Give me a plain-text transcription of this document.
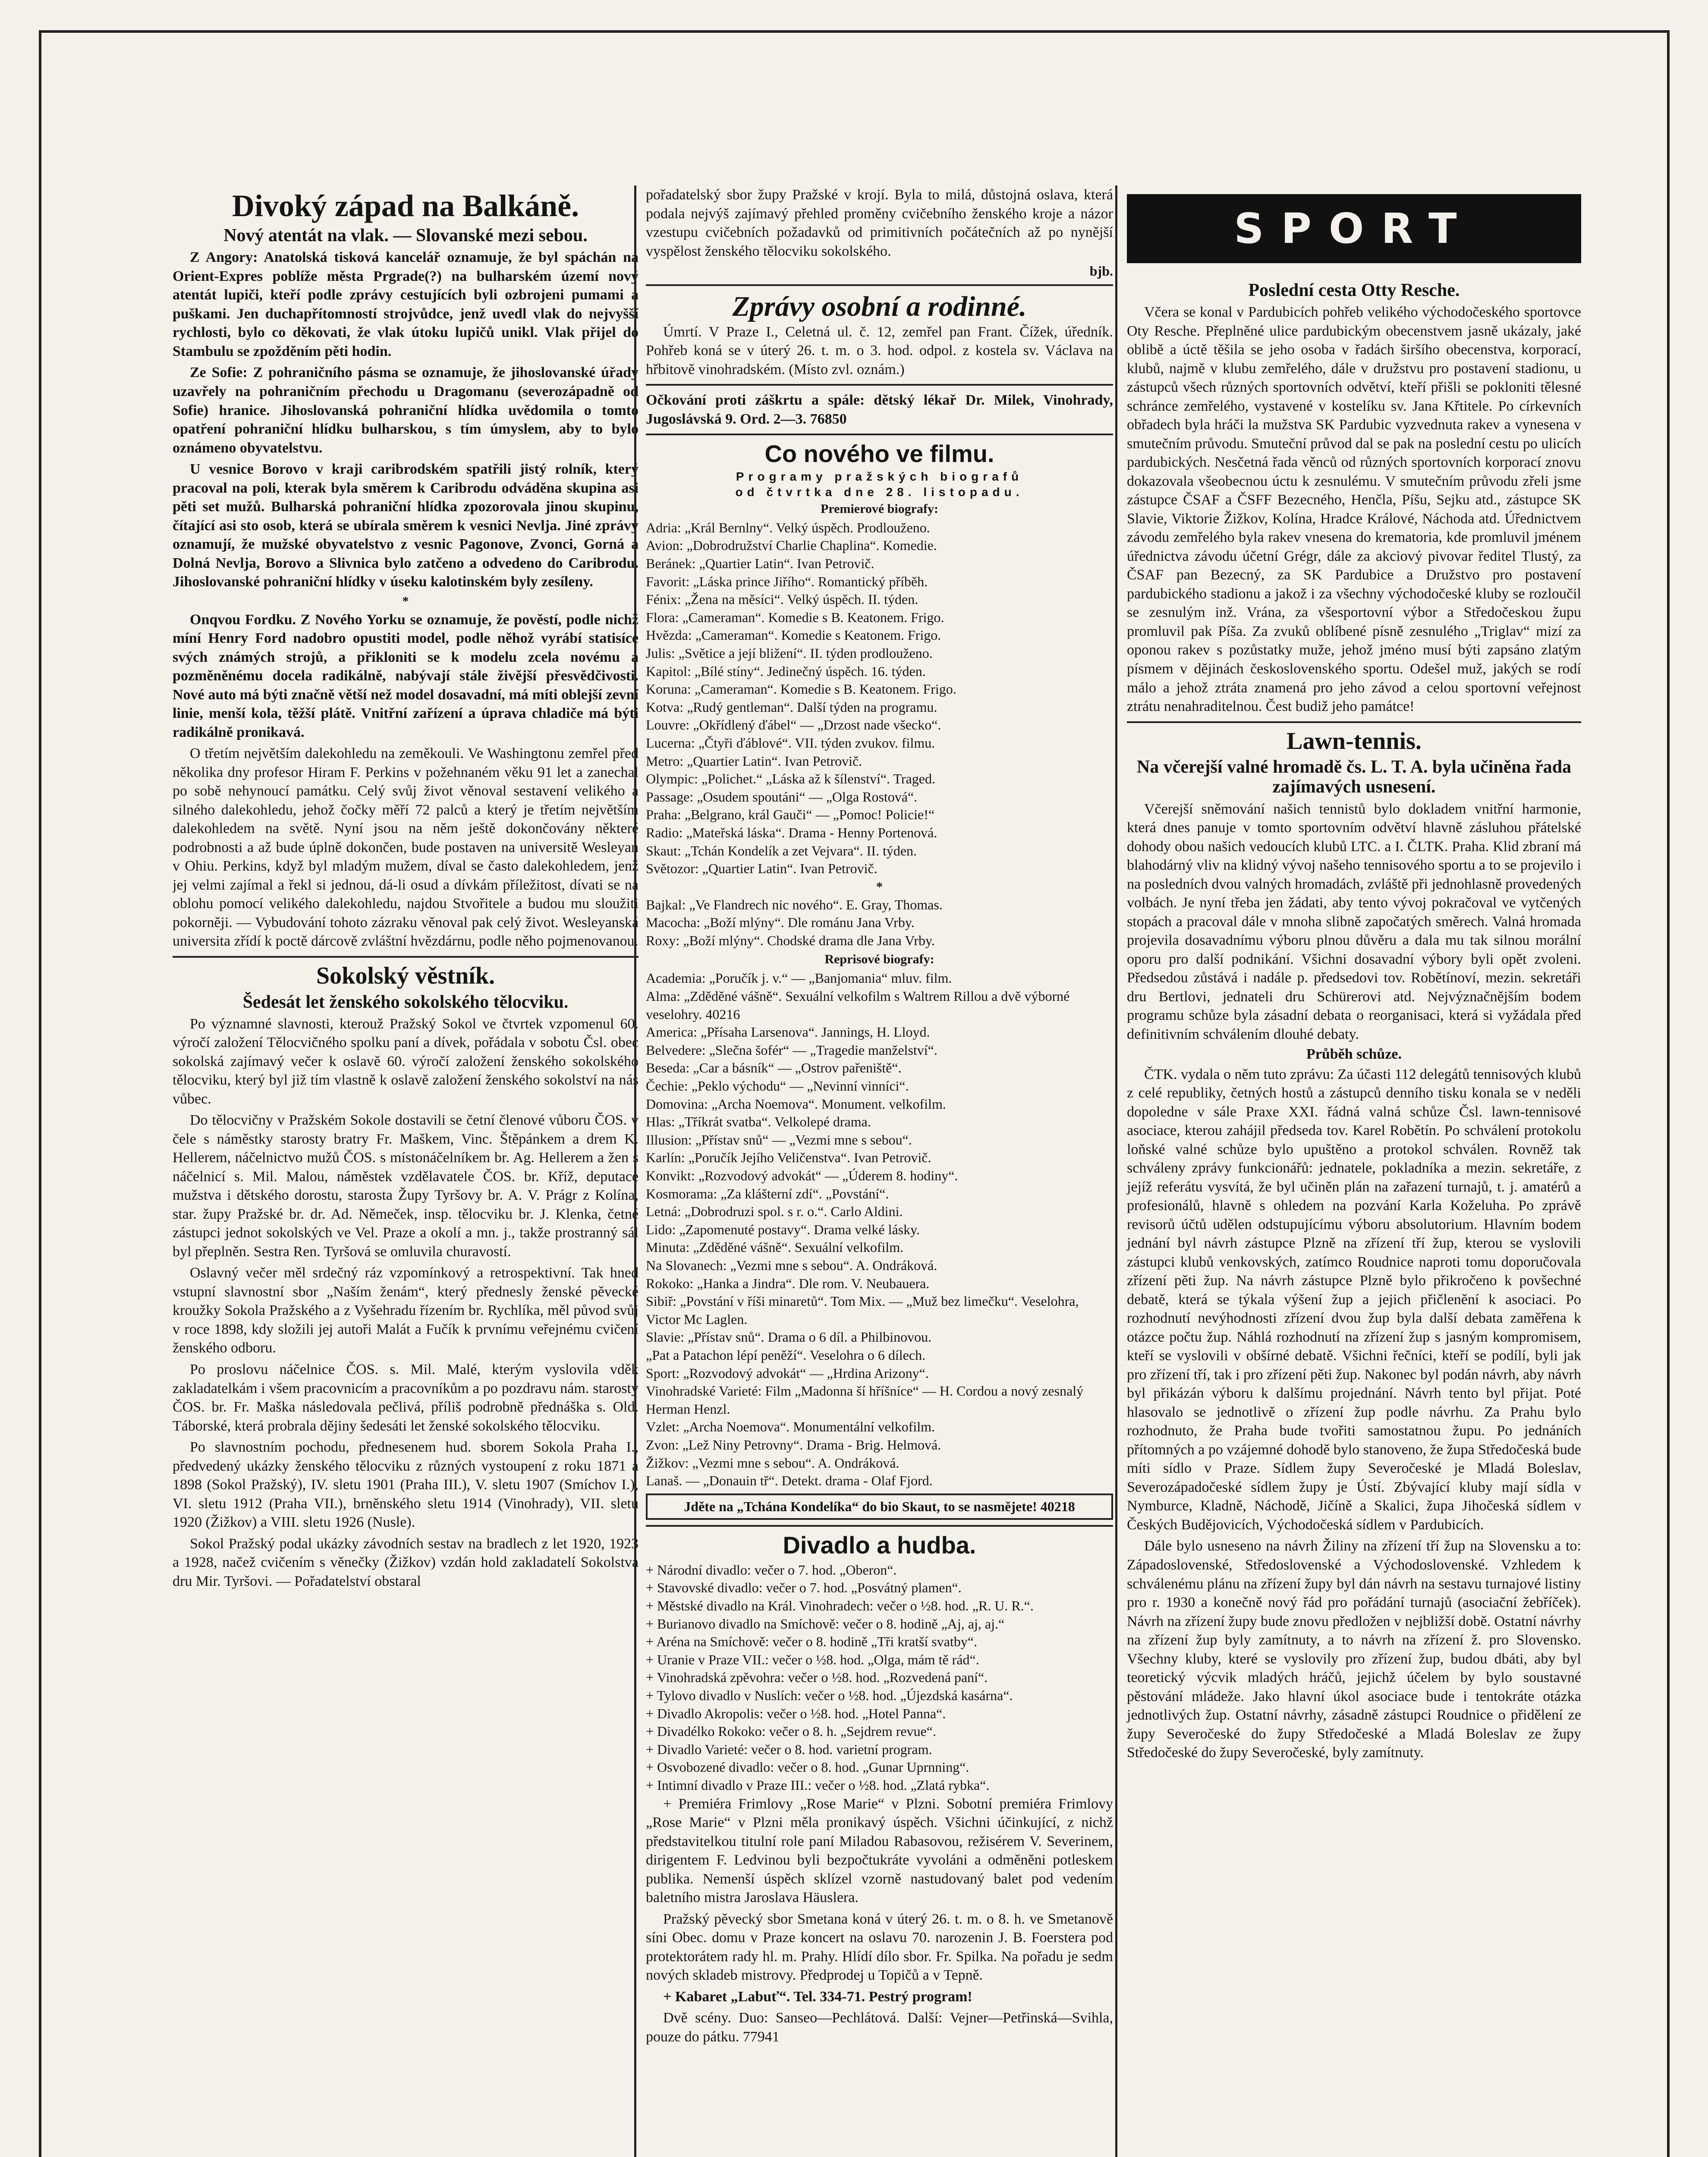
Divoký západ na Balkáně.
Nový atentát na vlak. — Slovanské mezi sebou.

Z Angory: Anatolská tisková kancelář oznamuje, že byl spáchán na Orient-Expres poblíže města Prgrade(?) na bulharském území nový atentát lupiči, kteří podle zprávy cestujících byli ozbrojeni pumami a puškami. Jen duchapřítomností strojvůdce, jenž uvedl vlak do nejvyšší rychlosti, bylo co děkovati, že vlak útoku lupičů unikl. Vlak přijel do Stambulu se zpožděním pěti hodin.

Ze Sofie: Z pohraničního pásma se oznamuje, že jihoslovanské úřady uzavřely na pohraničním přechodu u Dragomanu (severozápadně od Sofie) hranice. Jihoslovanská pohraniční hlídka uvědomila o tomto opatření pohraniční hlídku bulharskou, s tím úmyslem, aby to bylo oznámeno obyvatelstvu.

U vesnice Borovo v kraji caribrodském spatřili jistý rolník, který pracoval na poli, kterak byla směrem k Caribrodu odváděna skupina asi pěti set mužů. Bulharská pohraniční hlídka zpozorovala jinou skupinu, čítající asi sto osob, která se ubírala směrem k vesnici Nevlja. Jiné zprávy oznamují, že mužské obyvatelstvo z vesnic Pagonove, Zvonci, Gorná a Dolná Nevlja, Borovo a Slivnica bylo zatčeno a odvedeno do Caribrodu. Jihoslovanské pohraniční hlídky v úseku kalotinském byly zesíleny.

*

Onqvou Fordku. Z Nového Yorku se oznamuje, že pověstí, podle nichž míní Henry Ford nadobro opustiti model, podle něhož vyrábí statisíce svých známých strojů, a přikloniti se k modelu zcela novému a pozměněnému docela radikálně, nabývají stále živější přesvědčivosti. Nové auto má býti značně větší než model dosavadní, má míti oblejší zevní linie, menší kola, těžší plátě. Vnitřní zařízení a úprava chladiče má býti radikálně pronikavá.

O třetím největším dalekohledu na zeměkouli. Ve Washingtonu zemřel před několika dny profesor Hiram F. Perkins v požehnaném věku 91 let a zanechal po sobě nehynoucí památku. Celý svůj život věnoval sestavení velikého a silného dalekohledu, jehož čočky měří 72 palců a který je třetím největším dalekohledem na světě. Nyní jsou na něm ještě dokončovány některé podrobnosti a až bude úplně dokončen, bude postaven na universitě Wesleyan v Ohiu. Perkins, když byl mladým mužem, díval se často dalekohledem, jenž jej velmi zajímal a řekl si jednou, dá-li osud a dívkám příležitost, dívati se na oblohu pomocí velikého dalekohledu, najdou Stvořitele a budou mu sloužiti pokorněji. — Vybudování tohoto zázraku věnoval pak celý život. Wesleyanská universita zřídí k poctě dárcově zvláštní hvězdárnu, podle něho pojmenovanou.

Sokolský věstník.
Šedesát let ženského sokolského tělocviku.

Po významné slavnosti, kterouž Pražský Sokol ve čtvrtek vzpomenul 60. výročí založení Tělocvičného spolku paní a dívek, pořádala v sobotu Čsl. obec sokolská zajímavý večer k oslavě 60. výročí založení ženského sokolského tělocviku, který byl již tím vlastně k oslavě založení ženského sokolství na nás vůbec.

Do tělocvičny v Pražském Sokole dostavili se četní členové vůboru ČOS. v čele s náměstky starosty bratry Fr. Maškem, Vinc. Štěpánkem a drem K. Hellerem, náčelnictvo mužů ČOS. s místonáčelníkem br. Ag. Hellerem a žen s náčelnicí s. Mil. Malou, náměstek vzdělavatele ČOS. br. Kříž, deputace mužstva i dětského dorostu, starosta Župy Tyršovy br. A. V. Prágr z Kolína, star. župy Pražské br. dr. Ad. Němeček, insp. tělocviku br. J. Klenka, četné zástupci jednot sokolských ve Vel. Praze a okolí a mn. j., takže prostranný sál byl přeplněn. Sestra Ren. Tyršová se omluvila churavostí.

Oslavný večer měl srdečný ráz vzpomínkový a retrospektivní. Tak hned vstupní slavnostní sbor „Naším ženám“, který přednesly ženské pěvecké kroužky Sokola Pražského a z Vyšehradu řízením br. Rychlíka, měl původ svůj v roce 1898, kdy složili jej autoři Malát a Fučík k prvnímu veřejnému cvičení ženského odboru.

Po proslovu náčelnice ČOS. s. Mil. Malé, kterým vyslovila vděk zakladatelkám i všem pracovnicím a pracovníkům a po pozdravu nám. starosty ČOS. br. Fr. Maška následovala pečlivá, příliš podrobně přednáška s. Old. Táborské, která probrala dějiny šedesáti let ženské sokolského tělocviku.

Po slavnostním pochodu, přednesenem hud. sborem Sokola Praha I., předvedený ukázky ženského tělocviku z různých vystoupení z roku 1871 a 1898 (Sokol Pražský), IV. sletu 1901 (Praha III.), V. sletu 1907 (Smíchov I.), VI. sletu 1912 (Praha VII.), brněnského sletu 1914 (Vinohrady), VII. sletu 1920 (Žižkov) a VIII. sletu 1926 (Nusle).

Sokol Pražský podal ukázky závodních sestav na bradlech z let 1920, 1923 a 1928, načež cvičením s věnečky (Žižkov) vzdán hold zakladatelí Sokolstva dru Mir. Tyršovi. — Pořadatelství obstaral

pořadatelský sbor župy Pražské v krojí. Byla to milá, důstojná oslava, která podala nejvýš zajímavý přehled proměny cvičebního ženského kroje a názor vzestupu cvičebních požadavků od primitivních počátečních až po nynější vyspělost ženského tělocviku sokolského.

bjb.
Zprávy osobní a rodinné.

Úmrtí. V Praze I., Celetná ul. č. 12, zemřel pan Frant. Čížek, úředník. Pohřeb koná se v úterý 26. t. m. o 3. hod. odpol. z kostela sv. Václava na hřbitově vinohradském. (Místo zvl. oznám.)

Očkování proti záškrtu a spále: dětský lékař Dr. Milek, Vinohrady, Jugoslávská 9. Ord. 2—3. 76850

Co nového ve filmu.
Programy pražských biografů
od čtvrtka dne 28. listopadu.
Premierové biografy:

Adria: „Král Bernlny“. Velký úspěch. Prodlouženo.

Avion: „Dobrodružství Charlie Chaplina“. Komedie.

Beránek: „Quartier Latin“. Ivan Petrovič.

Favorit: „Láska prince Jiřího“. Romantický příběh.

Fénix: „Žena na měsíci“. Velký úspěch. II. týden.

Flora: „Cameraman“. Komedie s B. Keatonem. Frigo.

Hvězda: „Cameraman“. Komedie s Keatonem. Frigo.

Julis: „Světice a její bližení“. II. týden prodlouženo.

Kapitol: „Bílé stíny“. Jedinečný úspěch. 16. týden.

Koruna: „Cameraman“. Komedie s B. Keatonem. Frigo.

Kotva: „Rudý gentleman“. Další týden na programu.

Louvre: „Okřídlený ďábel“ — „Drzost nade všecko“.

Lucerna: „Čtyři ďáblové“. VII. týden zvukov. filmu.

Metro: „Quartier Latin“. Ivan Petrovič.

Olympic: „Polichet.“ „Láska až k šílenství“. Traged.

Passage: „Osudem spoutáni“ — „Olga Rostová“.

Praha: „Belgrano, král Gauči“ — „Pomoc! Policie!“

Radio: „Mateřská láska“. Drama - Henny Portenová.

Skaut: „Tchán Kondelík a zet Vejvara“. II. týden.

Světozor: „Quartier Latin“. Ivan Petrovič.

*

Bajkal: „Ve Flandrech nic nového“. E. Gray, Thomas.

Macocha: „Boží mlýny“. Dle románu Jana Vrby.

Roxy: „Boží mlýny“. Chodské drama dle Jana Vrby.

Reprisové biografy:

Academia: „Poručík j. v.“ — „Banjomania“ mluv. film.

Alma: „Zděděné vášně“. Sexuální velkofilm s Waltrem Rillou a dvě výborné veselohry. 40216

America: „Přísaha Larsenova“. Jannings, H. Lloyd.

Belvedere: „Slečna šofér“ — „Tragedie manželství“.

Beseda: „Car a básník“ — „Ostrov pařeniště“.

Čechie: „Peklo východu“ — „Nevinní vinníci“.

Domovina: „Archa Noemova“. Monument. velkofilm.

Hlas: „Tříkrát svatba“. Velkolepé drama.

Illusion: „Přístav snů“ — „Vezmi mne s sebou“.

Karlín: „Poručík Jejího Veličenstva“. Ivan Petrovič.

Konvikt: „Rozvodový advokát“ — „Úderem 8. hodiny“.

Kosmorama: „Za klášterní zdí“. „Povstání“.

Letná: „Dobrodruzi spol. s r. o.“. Carlo Aldini.

Lido: „Zapomenuté postavy“. Drama velké lásky.

Minuta: „Zděděné vášně“. Sexuální velkofilm.

Na Slovanech: „Vezmi mne s sebou“. A. Ondráková.

Rokoko: „Hanka a Jindra“. Dle rom. V. Neubauera.

Sibiř: „Povstání v říši minaretů“. Tom Mix. — „Muž bez limečku“. Veselohra, Victor Mc Laglen.

Slavie: „Přístav snů“. Drama o 6 díl. a Philbinovou.

„Pat a Patachon lépí peněží“. Veselohra o 6 dílech.

Sport: „Rozvodový advokát“ — „Hrdina Arizony“.

Vinohradské Varieté: Film „Madonna ší hříšníce“ — H. Cordou a nový zesnalý Herman Henzl.

Vzlet: „Archa Noemova“. Monumentální velkofilm.

Zvon: „Lež Niny Petrovny“. Drama - Brig. Helmová.

Žižkov: „Vezmi mne s sebou“. A. Ondráková.

Lanaš. — „Donauin tř“. Detekt. drama - Olaf Fjord.

Jděte na „Tchána Kondelíka“ do bio Skaut, to se nasmějete! 40218

Divadlo a hudba.

+ Národní divadlo: večer o 7. hod. „Oberon“.

+ Stavovské divadlo: večer o 7. hod. „Posvátný plamen“.

+ Městské divadlo na Král. Vinohradech: večer o ½8. hod. „R. U. R.“.

+ Burianovo divadlo na Smíchově: večer o 8. hodině „Aj, aj, aj.“

+ Aréna na Smíchově: večer o 8. hodině „Tři kratší svatby“.

+ Uranie v Praze VII.: večer o ½8. hod. „Olga, mám tě rád“.

+ Vinohradská zpěvohra: večer o ½8. hod. „Rozvedená paní“.

+ Tylovo divadlo v Nuslích: večer o ½8. hod. „Újezdská kasárna“.

+ Divadlo Akropolis: večer o ½8. hod. „Hotel Panna“.

+ Divadélko Rokoko: večer o 8. h. „Sejdrem revue“.

+ Divadlo Varieté: večer o 8. hod. varietní program.

+ Osvobozené divadlo: večer o 8. hod. „Gunar Uprnning“.

+ Intimní divadlo v Praze III.: večer o ½8. hod. „Zlatá rybka“.

+ Premiéra Frimlovy „Rose Marie“ v Plzni. Sobotní premiéra Frimlovy „Rose Marie“ v Plzni měla pronikavý úspěch. Všichni účinkující, z nichž představitelkou titulní role paní Miladou Rabasovou, režisérem V. Severinem, dirigentem F. Ledvinou byli bezpočtukráte vyvoláni a odměněni potleskem publika. Nemenší úspěch sklízel vzorně nastudovaný balet pod vedením baletního mistra Jaroslava Häuslera.

Pražský pěvecký sbor Smetana koná v úterý 26. t. m. o 8. h. ve Smetanově síni Obec. domu v Praze koncert na oslavu 70. narozenin J. B. Foerstera pod protektorátem rady hl. m. Prahy. Hlídí dílo sbor. Fr. Spilka. Na pořadu je sedm nových skladeb mistrovy. Předprodej u Topičů a v Tepně.

+ Kabaret „Labuť“. Tel. 334-71. Pestrý program!

Dvě scény. Duo: Sanseo—Pechlátová. Další: Vejner—Petřinská—Svihla, pouze do pátku. 77941

SPORT
Poslední cesta Otty Resche.

Včera se konal v Pardubicích pohřeb velikého východočeského sportovce Oty Resche. Přeplněné ulice pardubickým obecenstvem jasně ukázaly, jaké oblibě a úctě těšila se jeho osoba v řadách širšího obecenstva, korporací, klubů, najmě v klubu zemřelého, dále v družstvu pro postavení stadionu, u zástupců všech různých sportovních odvětví, kteří přišli se pokloniti tělesné schránce zemřelého, vystavené v kostelíku sv. Jana Křtitele. Po církevních obřadech byla hráči la mužstva SK Pardubic vyzvednuta rakev a vynesena v smutečním průvodu. Smuteční průvod dal se pak na poslední cestu po ulicích pardubických. Nesčetná řada věnců od různých sportovních korporací znovu dokazovala všeobecnou úctu k zesnulému. V smutečním průvodu zřeli jsme zástupce ČSAF a ČSFF Bezecného, Henčla, Píšu, Sejku atd., zástupce SK Slavie, Viktorie Žižkov, Kolína, Hradce Králové, Náchoda atd. Úřednictvem závodu zemřelého byla rakev vnesena do krematoria, kde promluvil jménem úřednictva závodu účetní Grégr, dále za akciový pivovar ředitel Tlustý, za ČSAF pan Bezecný, za SK Pardubice a Družstvo pro postavení pardubického stadionu a jakož i za všechny východočeské kluby se rozloučil se zesnulým inž. Vrána, za všesportovní výbor a Středočeskou župu promluvil pak Píša. Za zvuků oblíbené písně zesnulého „Triglav“ mizí za oponou rakev s pozůstatky muže, jehož jméno musí býti zapsáno zlatým písmem v dějinách československého sportu. Odešel muž, jakých se rodí málo a jehož ztráta znamená pro jeho závod a celou sportovní veřejnost ztrátu nenahraditelnou. Čest budiž jeho památce!

Lawn-tennis.
Na včerejší valné hromadě čs. L. T. A. byla učiněna řada zajímavých usnesení.

Včerejší sněmování našich tennistů bylo dokladem vnitřní harmonie, která dnes panuje v tomto sportovním odvětví hlavně zásluhou přátelské dohody obou našich vedoucích klubů LTC. a I. ČLTK. Praha. Klid zbraní má blahodárný vliv na klidný vývoj našeho tennisového sportu a to se projevilo i na posledních dvou valných hromadách, zvláště při jednohlasně provedených volbách. Je nyní třeba jen žádati, aby tento vývoj pokračoval ve vytčených stopách a pracoval dále v mnoha slibně započatých směrech. Valná hromada projevila dosavadnímu výboru plnou důvěru a dala mu tak silnou morální oporu pro další podnikání. Všichni dosavadní výbory byli opět zvoleni. Předsedou zůstává i nadále p. předsedovi tov. Robětínoví, mezin. sekretáři dru Bertlovi, jednateli dru Schürerovi atd. Nejvýznačnějším bodem programu schůze byla zásadní debata o reorganisaci, která si vyžádala před definitivním schválením dlouhé debaty.

Průběh schůze.

ČTK. vydala o něm tuto zprávu: Za účasti 112 delegátů tennisových klubů z celé republiky, četných hostů a zástupců denního tisku konala se v neděli dopoledne v sále Praxe XXI. řádná valná schůze Čsl. lawn-tennisové asociace, kterou zahájil předseda tov. Karel Robětín. Po schválení protokolu loňské valné schůze bylo upuštěno a protokol schválen. Rovněž tak schváleny zprávy funkcionářů: jednatele, pokladníka a mezin. sekretáře, z jejíž referátu vysvítá, že byl učiněn plán na zařazení turnajů, t. j. amatérů a profesionálů, hlavně s ohledem na pozvání Karla Koželuha. Po zprávě revisorů účtů udělen odstupujícímu výboru absolutorium. Hlavním bodem jednání byl návrh zástupce Plzně na zřízení tří žup, kterou se vyslovili zástupci klubů venkovských, zatímco Roudnice naproti tomu doporučovala zřízení pěti žup. Na návrh zástupce Plzně bylo přikročeno k povšechné debatě, která se týkala výšení žup a jejich přičlenění k asociaci. Po rozhodnutí nevýhodnosti zřízení dvou žup byla další debata zaměřena k otázce počtu žup. Náhlá rozhodnutí na zřízení žup s jasným kompromisem, kteří se vyslovili v obšírné debatě. Všichni řečníci, kteří se podílí, byli jak pro zřízení tří, tak i pro zřízení pěti žup. Nakonec byl podán návrh, aby návrh byl přikázán výboru k dalšímu projednání. Návrh tento byl přijat. Poté hlasovalo se jednotlivě o zřízení žup podle návrhu. Za Prahu bylo rozhodnuto, že Praha bude tvořiti samostatnou župu. Po jednáních přítomných a po vzájemné dohodě bylo stanoveno, že župa Středočeská bude míti sídlo v Praze. Sídlem župy Severočeské je Mladá Boleslav, Severozápadočeské sídlem župy je Ústí. Zbývající kluby mají sídla v Nymburce, Kladně, Náchodě, Jičíně a Skalici, župa Jihočeská sídlem v Českých Budějovicích, Východočeská sídlem v Pardubicích.

Dále bylo usneseno na návrh Žiliny na zřízení tří žup na Slovensku a to: Západoslovenské, Středoslovenské a Východoslovenské. Vzhledem k schválenému plánu na zřízení župy byl dán návrh na sestavu turnajové listiny pro r. 1930 a konečně nový řád pro pořádání turnajů (asociační žebříček). Návrh na zřízení župy bude znovu předložen v nejbližší době. Ostatní návrhy na zřízení žup byly zamítnuty, a to návrh na zřízení ž. pro Slovensko. Všechny kluby, které se vyslovily pro zřízení žup, budou dbáti, aby byl teoretický výcvik mladých hráčů, jejichž účelem by bylo soustavné pěstování mládeže. Jako hlavní úkol asociace bude i tentokráte otázka jednotlivých žup. Ostatní návrhy, zásadně zástupci Roudnice o přidělení ze župy Severočeské do župy Středočeské a Mladá Boleslav ze župy Středočeské do župy Severočeské, byly zamítnuty.
